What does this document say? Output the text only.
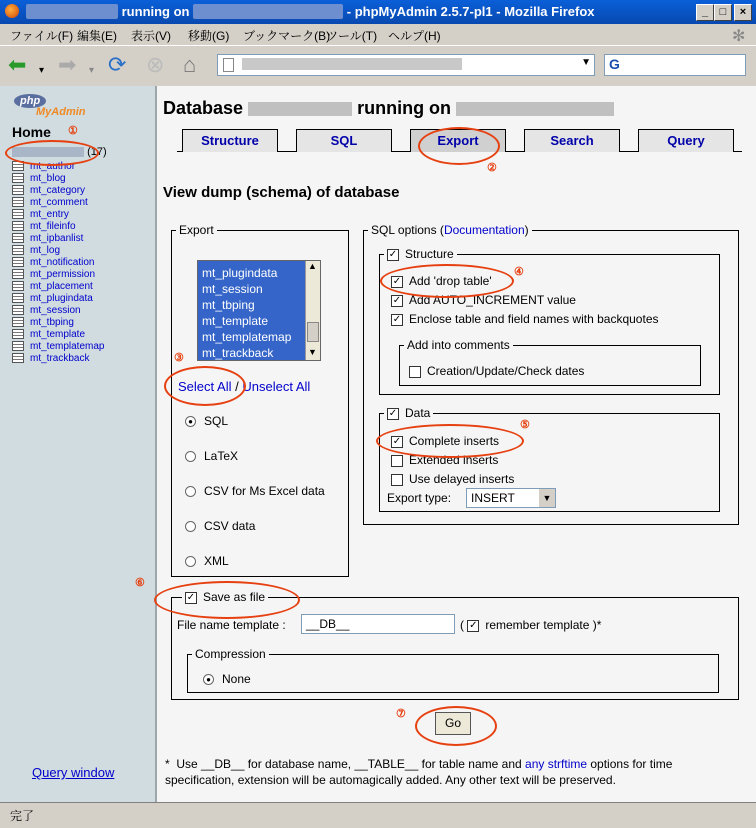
running on	- phpMyAdmin 2.5.7-pl1 - Mozilla Firefox	_	□	×
ファイル(F) 編集(E) 表示(V) 移動(G) ブックマーク(B)
ツール(T) ヘルプ(H)	✻
⬅ ▾ ➡ ▾ ⟳ ⊗ ⌂	▼ G
php
MyAdmin
Home
(17)
mt_author
mt_blog
mt_category
mt_comment
mt_entry
mt_fileinfo
mt_ipbanlist
mt_log
mt_notification
mt_permission
mt_placement
mt_plugindata
mt_session
mt_tbping
mt_template
mt_templatemap
mt_trackback
Query window
Database	running on
Structure	SQL	Export	Search	Query
View dump (schema) of database
Export
mt_plugindata
mt_session
mt_tbping
mt_template
mt_templatemap
mt_trackback
▲
▼
Select All / Unselect All
● SQL
LaTeX
CSV for Ms Excel data
CSV data
XML
SQL options (Documentation)
✓ Structure
✓ Add 'drop table'
✓ Add AUTO_INCREMENT value
✓ Enclose table and field names with backquotes
Add into comments
Creation/Update/Check dates
✓ Data
✓ Complete inserts
Extended inserts
Use delayed inserts
Export type: INSERT	▼
✓ Save as file
File name template : __DB__	( ✓ remember template )*
Compression
● None
Go
* Use __DB__ for database name, __TABLE__ for table name and any strftime options for time
specification, extension will be automagically added. Any other text will be preserved.
①
②
③
④
⑤
⑥
⑦
完了
